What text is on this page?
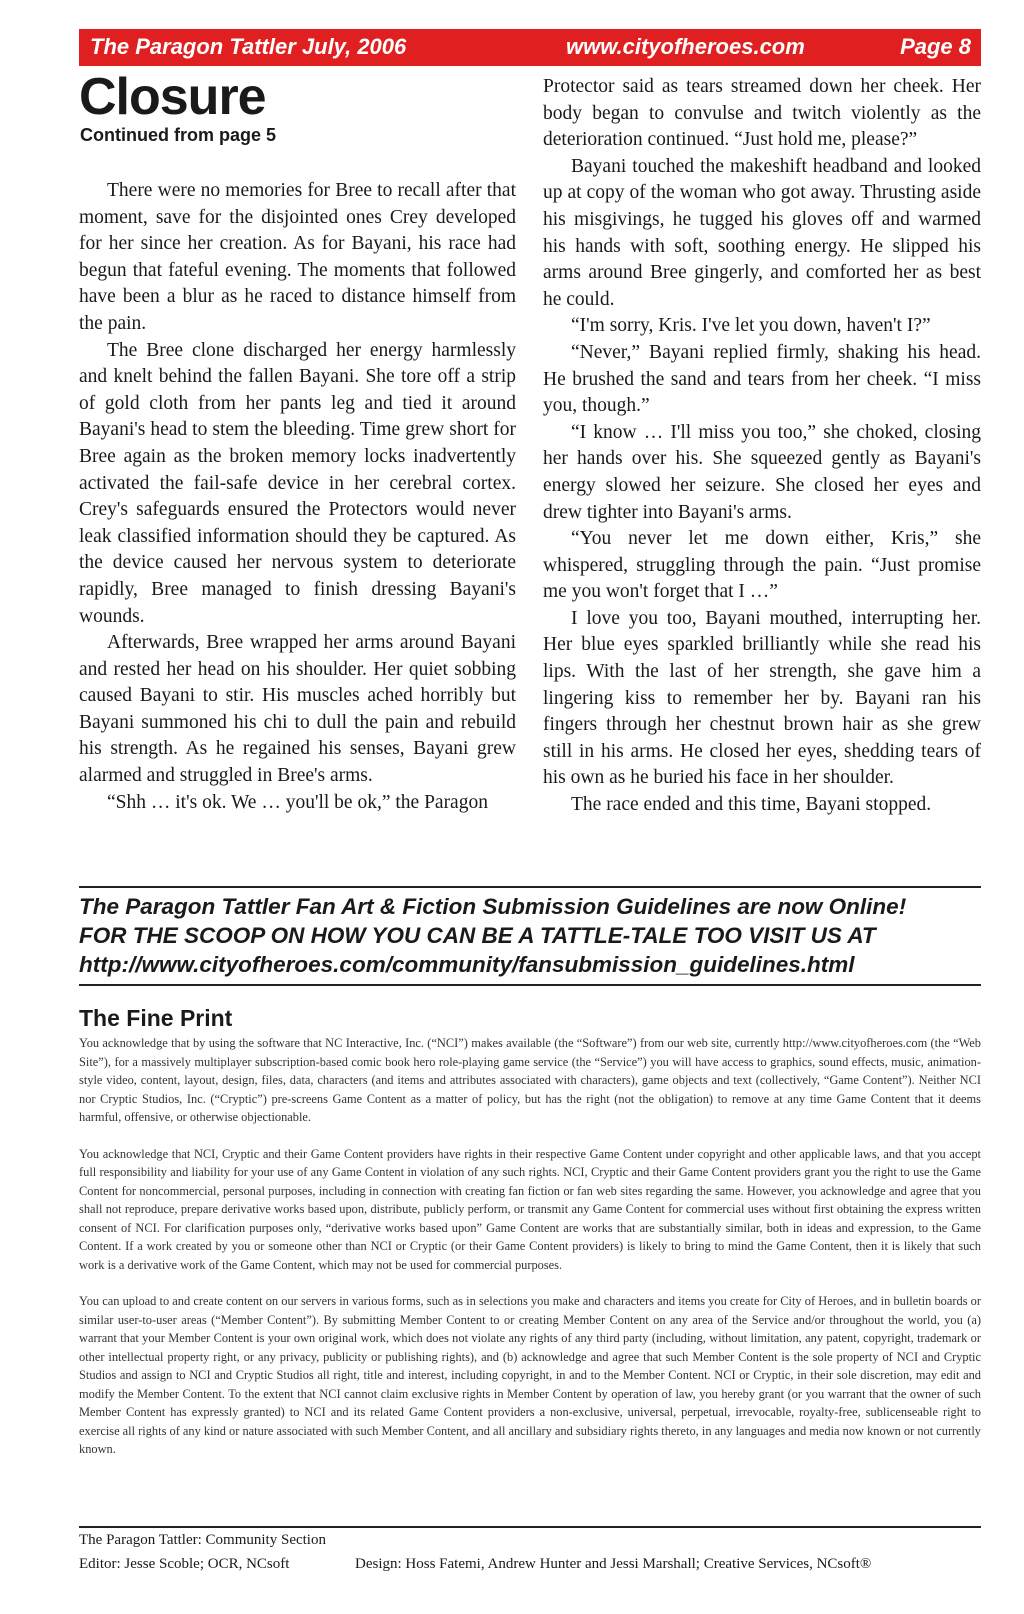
The Paragon Tattler July, 2006	www.cityofheroes.com	Page 8
Closure
Continued from page 5

There were no memories for Bree to recall after that moment, save for the disjointed ones Crey developed for her since her creation. As for Bayani, his race had begun that fateful evening. The moments that followed have been a blur as he raced to distance himself from the pain.

The Bree clone discharged her energy harmlessly and knelt behind the fallen Bayani. She tore off a strip of gold cloth from her pants leg and tied it around Bayani's head to stem the bleeding. Time grew short for Bree again as the broken memory locks inadvertently activated the fail-safe device in her cerebral cortex. Crey's safeguards ensured the Protectors would never leak classified information should they be captured. As the device caused her nervous system to deteriorate rapidly, Bree managed to finish dressing Bayani's wounds.

Afterwards, Bree wrapped her arms around Bayani and rested her head on his shoulder. Her quiet sobbing caused Bayani to stir. His muscles ached horribly but Bayani summoned his chi to dull the pain and rebuild his strength. As he regained his senses, Bayani grew alarmed and struggled in Bree's arms.

“Shh … it's ok. We … you'll be ok,” the Paragon

Protector said as tears streamed down her cheek. Her body began to convulse and twitch violently as the deterioration continued. “Just hold me, please?”

Bayani touched the makeshift headband and looked up at copy of the woman who got away. Thrusting aside his misgivings, he tugged his gloves off and warmed his hands with soft, soothing energy. He slipped his arms around Bree gingerly, and comforted her as best he could.

“I'm sorry, Kris. I've let you down, haven't I?”

“Never,” Bayani replied firmly, shaking his head. He brushed the sand and tears from her cheek. “I miss you, though.”

“I know … I'll miss you too,” she choked, closing her hands over his. She squeezed gently as Bayani's energy slowed her seizure. She closed her eyes and drew tighter into Bayani's arms.

“You never let me down either, Kris,” she whispered, struggling through the pain. “Just promise me you won't forget that I …”

I love you too, Bayani mouthed, interrupting her. Her blue eyes sparkled brilliantly while she read his lips. With the last of her strength, she gave him a lingering kiss to remember her by. Bayani ran his fingers through her chestnut brown hair as she grew still in his arms. He closed her eyes, shedding tears of his own as he buried his face in her shoulder.

The race ended and this time, Bayani stopped.

The Paragon Tattler Fan Art & Fiction Submission Guidelines are now Online!
FOR THE SCOOP ON HOW YOU CAN BE A TATTLE-TALE TOO VISIT US AT
http://www.cityofheroes.com/community/fansubmission_guidelines.html
The Fine Print

You acknowledge that by using the software that NC Interactive, Inc. (“NCI”) makes available (the “Software”) from our web site, currently http://www.cityofheroes.com (the “Web Site”), for a massively multiplayer subscription-based comic book hero role-playing game service (the “Service”) you will have access to graphics, sound effects, music, animation-style video, content, layout, design, files, data, characters (and items and attributes associated with characters), game objects and text (collectively, “Game Content”). Neither NCI nor Cryptic Studios, Inc. (“Cryptic”) pre-screens Game Content as a matter of policy, but has the right (not the obligation) to remove at any time Game Content that it deems harmful, offensive, or otherwise objectionable.

You acknowledge that NCI, Cryptic and their Game Content providers have rights in their respective Game Content under copyright and other applicable laws, and that you accept full responsibility and liability for your use of any Game Content in violation of any such rights. NCI, Cryptic and their Game Content providers grant you the right to use the Game Content for noncommercial, personal purposes, including in connection with creating fan fiction or fan web sites regarding the same. However, you acknowledge and agree that you shall not reproduce, prepare derivative works based upon, distribute, publicly perform, or transmit any Game Content for commercial uses without first obtaining the express written consent of NCI. For clarification purposes only, “derivative works based upon” Game Content are works that are substantially similar, both in ideas and expression, to the Game Content. If a work created by you or someone other than NCI or Cryptic (or their Game Content providers) is likely to bring to mind the Game Content, then it is likely that such work is a derivative work of the Game Content, which may not be used for commercial purposes.

You can upload to and create content on our servers in various forms, such as in selections you make and characters and items you create for City of Heroes, and in bulletin boards or similar user-to-user areas (“Member Content”). By submitting Member Content to or creating Member Content on any area of the Service and/or throughout the world, you (a) warrant that your Member Content is your own original work, which does not violate any rights of any third party (including, without limitation, any patent, copyright, trademark or other intellectual property right, or any privacy, publicity or publishing rights), and (b) acknowledge and agree that such Member Content is the sole property of NCI and Cryptic Studios and assign to NCI and Cryptic Studios all right, title and interest, including copyright, in and to the Member Content. NCI or Cryptic, in their sole discretion, may edit and modify the Member Content. To the extent that NCI cannot claim exclusive rights in Member Content by operation of law, you hereby grant (or you warrant that the owner of such Member Content has expressly granted) to NCI and its related Game Content providers a non-exclusive, universal, perpetual, irrevocable, royalty-free, sublicenseable right to exercise all rights of any kind or nature associated with such Member Content, and all ancillary and subsidiary rights thereto, in any languages and media now known or not currently known.

The Paragon Tattler: Community Section
Editor: Jesse Scoble; OCR, NCsoft	Design: Hoss Fatemi, Andrew Hunter and Jessi Marshall; Creative Services, NCsoft®
